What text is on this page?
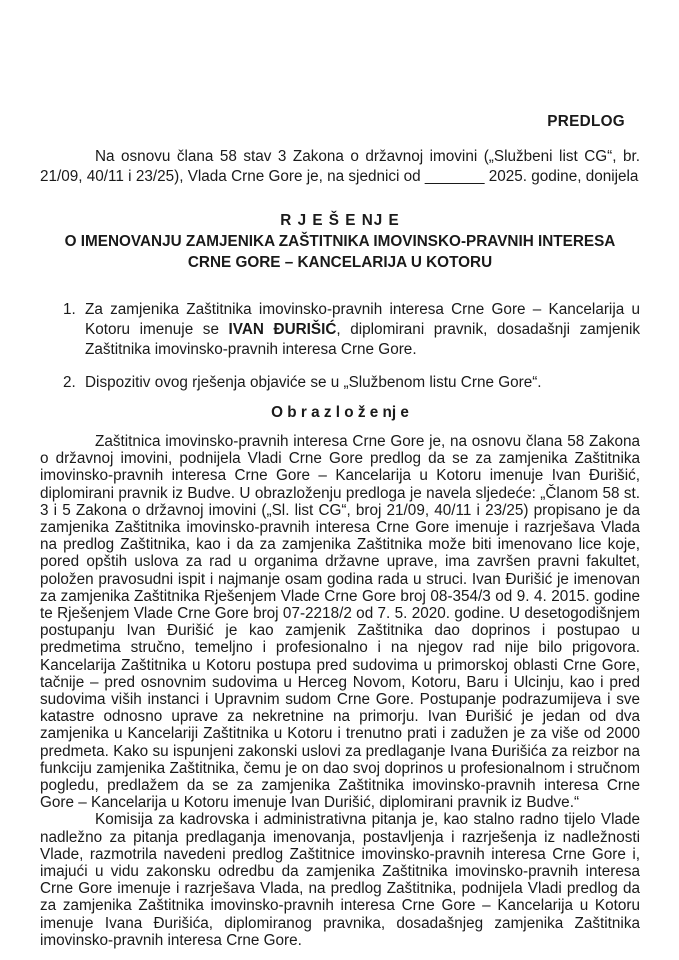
PREDLOG

Na osnovu člana 58 stav 3 Zakona o državnoj imovini („Službeni list CG“, br. 21/09, 40/11 i 23/25), Vlada Crne Gore je, na sjednici od _______ 2025. godine, donijela

R J E Š E NJ E
O IMENOVANJU ZAMJENIKA ZAŠTITNIKA IMOVINSKO-PRAVNIH INTERESA
CRNE GORE – KANCELARIJA U KOTORU
1. Za zamjenika Zaštitnika imovinsko-pravnih interesa Crne Gore – Kancelarija u Kotoru imenuje se IVAN ĐURIŠIĆ, diplomirani pravnik, dosadašnji zamjenik Zaštitnika imovinsko-pravnih interesa Crne Gore.
2. Dispozitiv ovog rješenja objaviće se u „Službenom listu Crne Gore“.
O b r a z l o ž e nj e

Zaštitnica imovinsko-pravnih interesa Crne Gore je, na osnovu člana 58 Zakona o državnoj imovini, podnijela Vladi Crne Gore predlog da se za zamjenika Zaštitnika imovinsko-pravnih interesa Crne Gore – Kancelarija u Kotoru imenuje Ivan Đurišić, diplomirani pravnik iz Budve. U obrazloženju predloga je navela sljedeće: „Članom 58 st. 3 i 5 Zakona o državnoj imovini („Sl. list CG“, broj 21/09, 40/11 i 23/25) propisano je da zamjenika Zaštitnika imovinsko-pravnih interesa Crne Gore imenuje i razrješava Vlada na predlog Zaštitnika, kao i da za zamjenika Zaštitnika može biti imenovano lice koje, pored opštih uslova za rad u organima državne uprave, ima završen pravni fakultet, položen pravosudni ispit i najmanje osam godina rada u struci. Ivan Đurišić je imenovan za zamjenika Zaštitnika Rješenjem Vlade Crne Gore broj 08-354/3 od 9. 4. 2015. godine te Rješenjem Vlade Crne Gore broj 07-2218/2 od 7. 5. 2020. godine. U desetogodišnjem postupanju Ivan Đurišić je kao zamjenik Zaštitnika dao doprinos i postupao u predmetima stručno, temeljno i profesionalno i na njegov rad nije bilo prigovora. Kancelarija Zaštitnika u Kotoru postupa pred sudovima u primorskoj oblasti Crne Gore, tačnije – pred osnovnim sudovima u Herceg Novom, Kotoru, Baru i Ulcinju, kao i pred sudovima viših instanci i Upravnim sudom Crne Gore. Postupanje podrazumijeva i sve katastre odnosno uprave za nekretnine na primorju. Ivan Đurišić je jedan od dva zamjenika u Kancelariji Zaštitnika u Kotoru i trenutno prati i zadužen je za više od 2000 predmeta. Kako su ispunjeni zakonski uslovi za predlaganje Ivana Đurišića za reizbor na funkciju zamjenika Zaštitnika, čemu je on dao svoj doprinos u profesionalnom i stručnom pogledu, predlažem da se za zamjenika Zaštitnika imovinsko-pravnih interesa Crne Gore – Kancelarija u Kotoru imenuje Ivan Durišić, diplomirani pravnik iz Budve.“

Komisija za kadrovska i administrativna pitanja je, kao stalno radno tijelo Vlade nadležno za pitanja predlaganja imenovanja, postavljenja i razrješenja iz nadležnosti Vlade, razmotrila navedeni predlog Zaštitnice imovinsko-pravnih interesa Crne Gore i, imajući u vidu zakonsku odredbu da zamjenika Zaštitnika imovinsko-pravnih interesa Crne Gore imenuje i razrješava Vlada, na predlog Zaštitnika, podnijela Vladi predlog da za zamjenika Zaštitnika imovinsko-pravnih interesa Crne Gore – Kancelarija u Kotoru imenuje Ivana Đurišića, diplomiranog pravnika, dosadašnjeg zamjenika Zaštitnika imovinsko-pravnih interesa Crne Gore.
